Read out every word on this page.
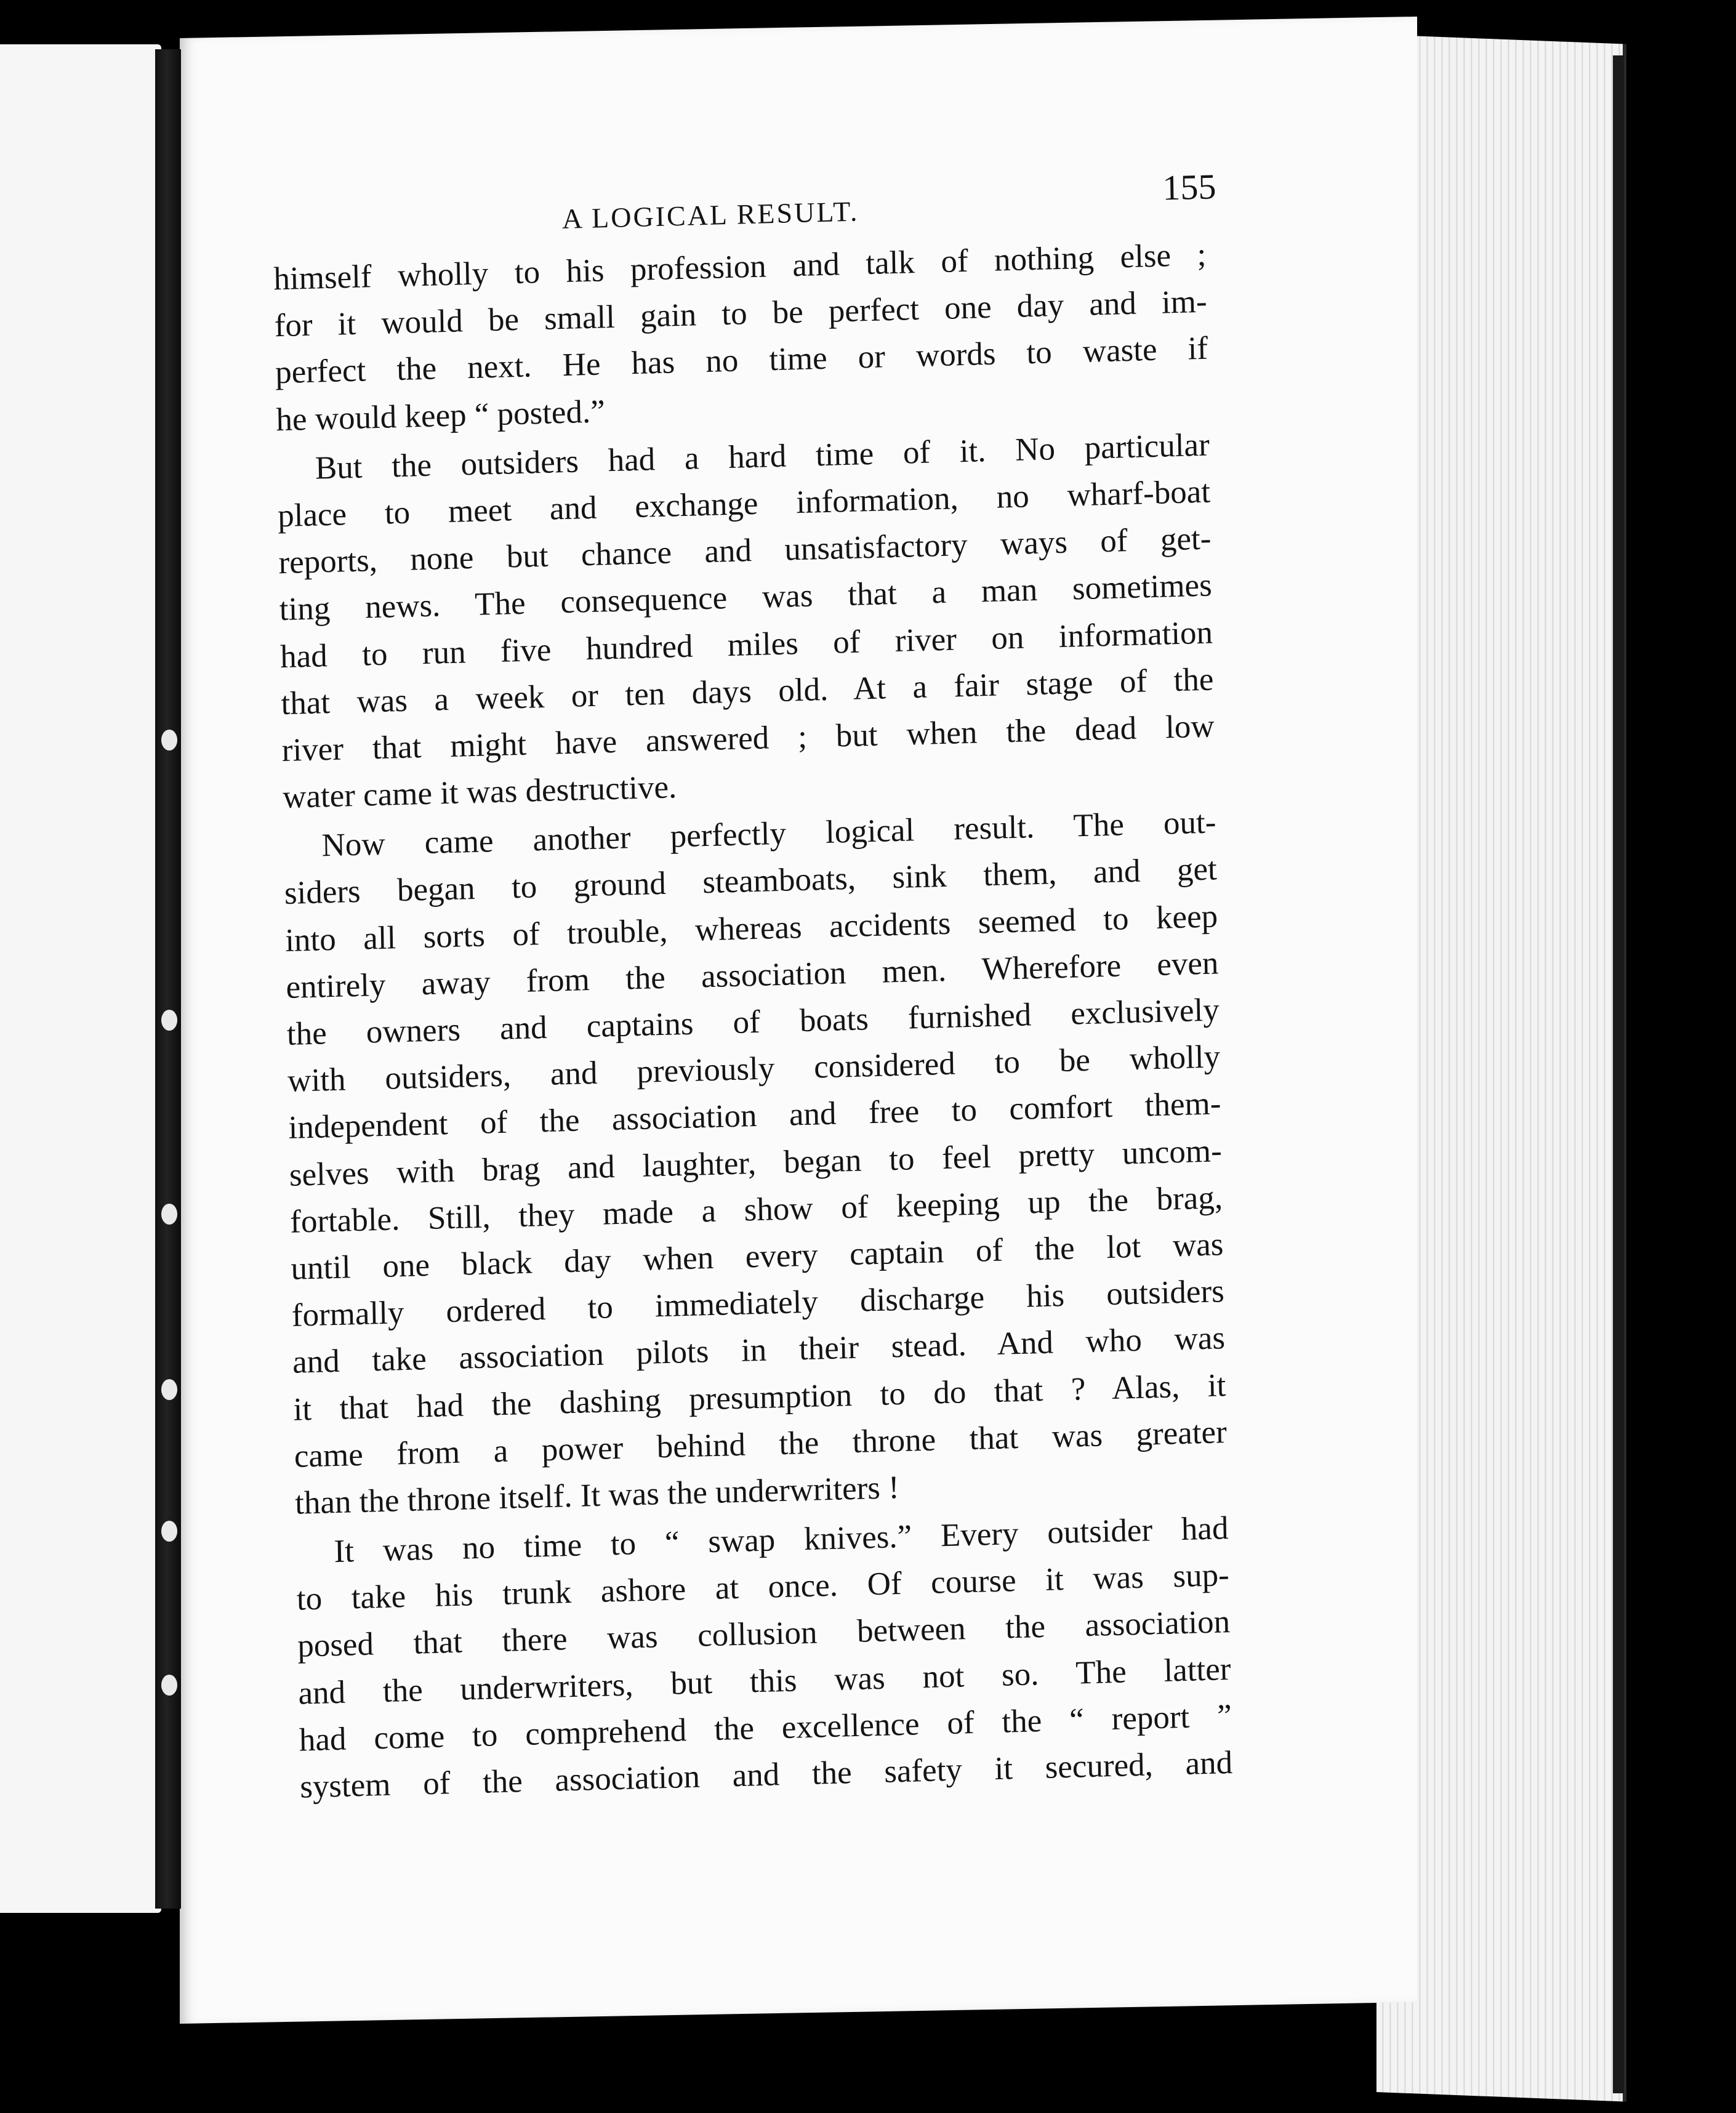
A LOGICAL RESULT.
155
himself wholly to his profession and talk of nothing else ;
for it would be small gain to be perfect one day and im-
perfect the next. He has no time or words to waste if
he would keep “ posted.”
But the outsiders had a hard time of it. No particular
place to meet and exchange information, no wharf-boat
reports, none but chance and unsatisfactory ways of get-
ting news. The consequence was that a man sometimes
had to run five hundred miles of river on information
that was a week or ten days old. At a fair stage of the
river that might have answered ; but when the dead low
water came it was destructive.
Now came another perfectly logical result. The out-
siders began to ground steamboats, sink them, and get
into all sorts of trouble, whereas accidents seemed to keep
entirely away from the association men. Wherefore even
the owners and captains of boats furnished exclusively
with outsiders, and previously considered to be wholly
independent of the association and free to comfort them-
selves with brag and laughter, began to feel pretty uncom-
fortable. Still, they made a show of keeping up the brag,
until one black day when every captain of the lot was
formally ordered to immediately discharge his outsiders
and take association pilots in their stead. And who was
it that had the dashing presumption to do that ? Alas, it
came from a power behind the throne that was greater
than the throne itself. It was the underwriters !
It was no time to “ swap knives.” Every outsider had
to take his trunk ashore at once. Of course it was sup-
posed that there was collusion between the association
and the underwriters, but this was not so. The latter
had come to comprehend the excellence of the “ report ”
system of the association and the safety it secured, and
